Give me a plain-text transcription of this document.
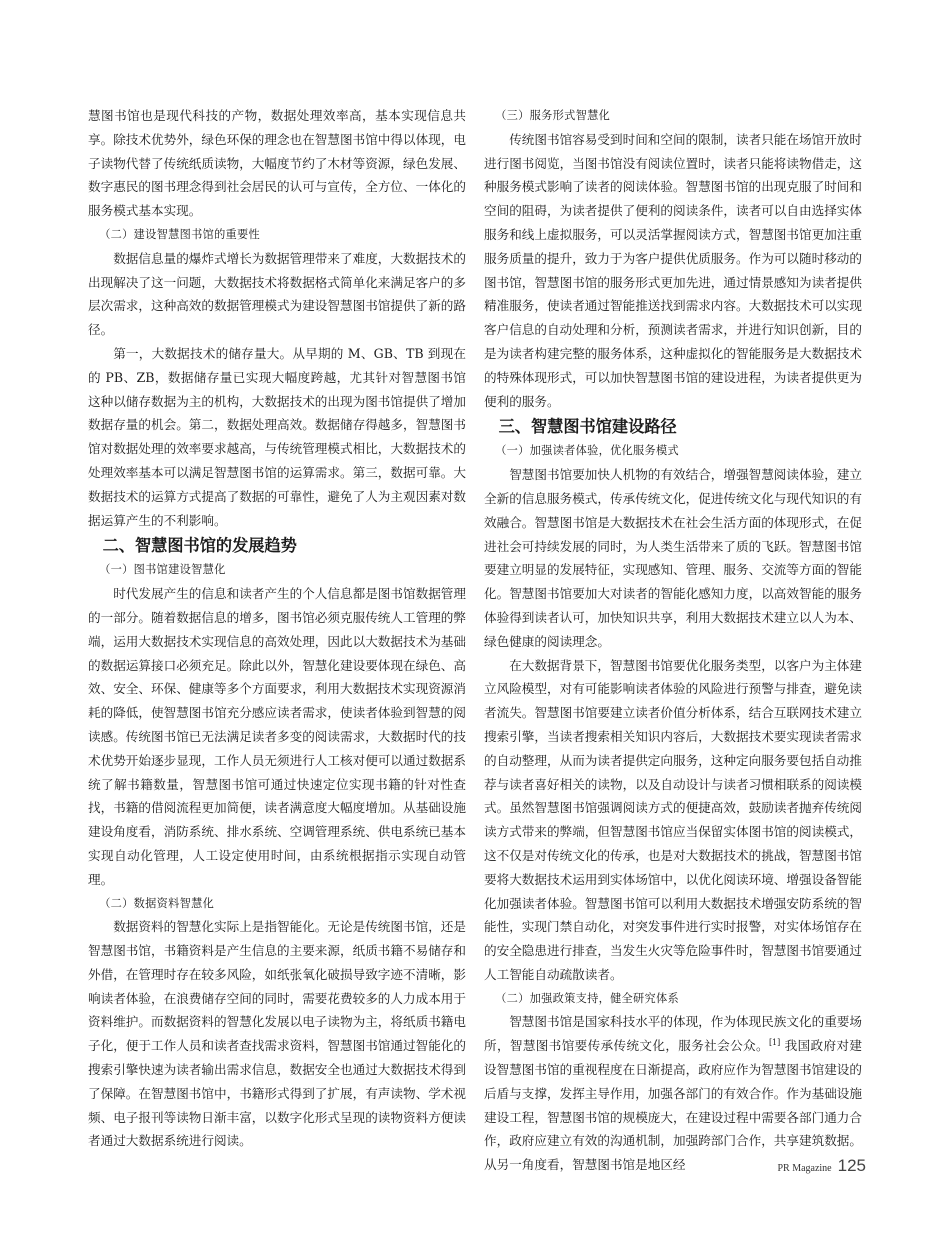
慧图书馆也是现代科技的产物，数据处理效率高，基本实现信息共享。除技术优势外，绿色环保的理念也在智慧图书馆中得以体现，电子读物代替了传统纸质读物，大幅度节约了木材等资源，绿色发展、数字惠民的图书理念得到社会居民的认可与宣传，全方位、一体化的服务模式基本实现。

（二）建设智慧图书馆的重要性

数据信息量的爆炸式增长为数据管理带来了难度，大数据技术的出现解决了这一问题，大数据技术将数据格式简单化来满足客户的多层次需求，这种高效的数据管理模式为建设智慧图书馆提供了新的路径。

第一，大数据技术的储存量大。从早期的 M、GB、TB 到现在的 PB、ZB，数据储存量已实现大幅度跨越，尤其针对智慧图书馆这种以储存数据为主的机构，大数据技术的出现为图书馆提供了增加数据存量的机会。第二，数据处理高效。数据储存得越多，智慧图书馆对数据处理的效率要求越高，与传统管理模式相比，大数据技术的处理效率基本可以满足智慧图书馆的运算需求。第三，数据可靠。大数据技术的运算方式提高了数据的可靠性，避免了人为主观因素对数据运算产生的不利影响。

二、智慧图书馆的发展趋势

（一）图书馆建设智慧化

时代发展产生的信息和读者产生的个人信息都是图书馆数据管理的一部分。随着数据信息的增多，图书馆必须克服传统人工管理的弊端，运用大数据技术实现信息的高效处理，因此以大数据技术为基础的数据运算接口必须充足。除此以外，智慧化建设要体现在绿色、高效、安全、环保、健康等多个方面要求，利用大数据技术实现资源消耗的降低，使智慧图书馆充分感应读者需求，使读者体验到智慧的阅读感。传统图书馆已无法满足读者多变的阅读需求，大数据时代的技术优势开始逐步显现，工作人员无须进行人工核对便可以通过数据系统了解书籍数量，智慧图书馆可通过快速定位实现书籍的针对性查找，书籍的借阅流程更加简便，读者满意度大幅度增加。从基础设施建设角度看，消防系统、排水系统、空调管理系统、供电系统已基本实现自动化管理，人工设定使用时间，由系统根据指示实现自动管理。

（二）数据资料智慧化

数据资料的智慧化实际上是指智能化。无论是传统图书馆，还是智慧图书馆，书籍资料是产生信息的主要来源，纸质书籍不易储存和外借，在管理时存在较多风险，如纸张氧化破损导致字迹不清晰，影响读者体验，在浪费储存空间的同时，需要花费较多的人力成本用于资料维护。而数据资料的智慧化发展以电子读物为主，将纸质书籍电子化，便于工作人员和读者查找需求资料，智慧图书馆通过智能化的搜索引擎快速为读者输出需求信息，数据安全也通过大数据技术得到了保障。在智慧图书馆中，书籍形式得到了扩展，有声读物、学术视频、电子报刊等读物日渐丰富，以数字化形式呈现的读物资料方便读者通过大数据系统进行阅读。

（三）服务形式智慧化

传统图书馆容易受到时间和空间的限制，读者只能在场馆开放时进行图书阅览，当图书馆没有阅读位置时，读者只能将读物借走，这种服务模式影响了读者的阅读体验。智慧图书馆的出现克服了时间和空间的阻碍，为读者提供了便利的阅读条件，读者可以自由选择实体服务和线上虚拟服务，可以灵活掌握阅读方式，智慧图书馆更加注重服务质量的提升，致力于为客户提供优质服务。作为可以随时移动的图书馆，智慧图书馆的服务形式更加先进，通过情景感知为读者提供精准服务，使读者通过智能推送找到需求内容。大数据技术可以实现客户信息的自动处理和分析，预测读者需求，并进行知识创新，目的是为读者构建完整的服务体系，这种虚拟化的智能服务是大数据技术的特殊体现形式，可以加快智慧图书馆的建设进程，为读者提供更为便利的服务。

三、智慧图书馆建设路径

（一）加强读者体验，优化服务模式

智慧图书馆要加快人机物的有效结合，增强智慧阅读体验，建立全新的信息服务模式，传承传统文化，促进传统文化与现代知识的有效融合。智慧图书馆是大数据技术在社会生活方面的体现形式，在促进社会可持续发展的同时，为人类生活带来了质的飞跃。智慧图书馆要建立明显的发展特征，实现感知、管理、服务、交流等方面的智能化。智慧图书馆要加大对读者的智能化感知力度，以高效智能的服务体验得到读者认可，加快知识共享，利用大数据技术建立以人为本、绿色健康的阅读理念。

在大数据背景下，智慧图书馆要优化服务类型，以客户为主体建立风险模型，对有可能影响读者体验的风险进行预警与排查，避免读者流失。智慧图书馆要建立读者价值分析体系，结合互联网技术建立搜索引擎，当读者搜索相关知识内容后，大数据技术要实现读者需求的自动整理，从而为读者提供定向服务，这种定向服务要包括自动推荐与读者喜好相关的读物，以及自动设计与读者习惯相联系的阅读模式。虽然智慧图书馆强调阅读方式的便捷高效，鼓励读者抛弃传统阅读方式带来的弊端，但智慧图书馆应当保留实体图书馆的阅读模式，这不仅是对传统文化的传承，也是对大数据技术的挑战，智慧图书馆要将大数据技术运用到实体场馆中，以优化阅读环境、增强设备智能化加强读者体验。智慧图书馆可以利用大数据技术增强安防系统的智能性，实现门禁自动化，对突发事件进行实时报警，对实体场馆存在的安全隐患进行排查，当发生火灾等危险事件时，智慧图书馆要通过人工智能自动疏散读者。

（二）加强政策支持，健全研究体系

智慧图书馆是国家科技水平的体现，作为体现民族文化的重要场所，智慧图书馆要传承传统文化，服务社会公众。[1] 我国政府对建设智慧图书馆的重视程度在日渐提高，政府应作为智慧图书馆建设的后盾与支撑，发挥主导作用，加强各部门的有效合作。作为基础设施建设工程，智慧图书馆的规模庞大，在建设过程中需要各部门通力合作，政府应建立有效的沟通机制，加强跨部门合作，共享建筑数据。从另一角度看，智慧图书馆是地区经	PR Magazine 125
